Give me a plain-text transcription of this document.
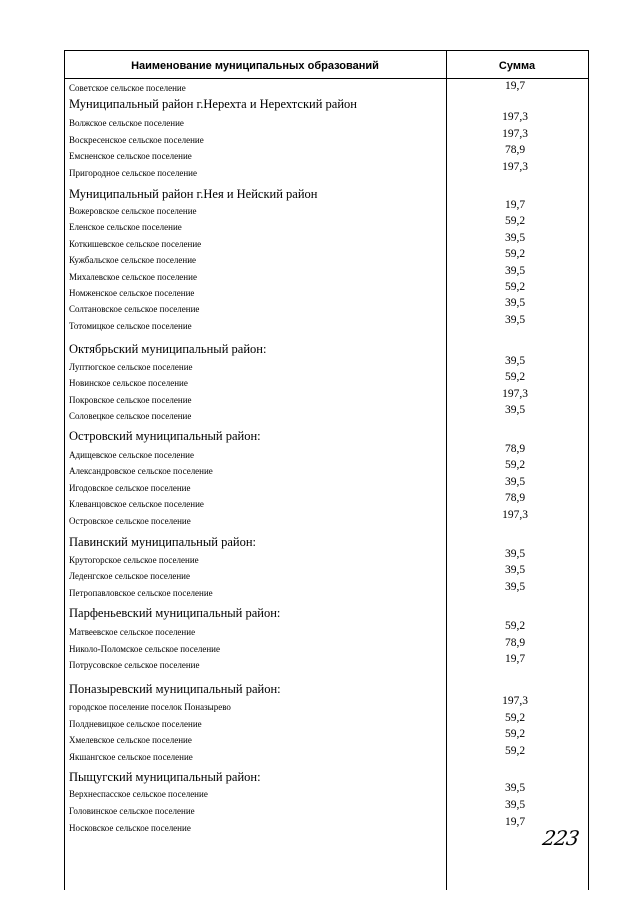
Наименование муниципальных образований	Сумма
Советское сельское поселение	19,7
Муниципальный район г.Нерехта и Нерехтский район
Волжское сельское поселение	197,3
Воскресенское сельское поселение	197,3
Емсненское сельское поселение	78,9
Пригородное сельское поселение	197,3
Муниципальный район г.Нея и Нейский район
Вожеровское сельское поселение	19,7
Еленское сельское поселение	59,2
Коткишевское сельское поселение	39,5
Кужбальское сельское поселение	59,2
Михалевское сельское поселение	39,5
Номженское сельское поселение	59,2
Солтановское сельское поселение	39,5
Тотомицкое сельское поселение	39,5
Октябрьский муниципальный район:
Луптюгское сельское поселение	39,5
Новинское сельское поселение	59,2
Покровское сельское поселение	197,3
Соловецкое сельское поселение	39,5
Островский муниципальный район:
Адищевское сельское поселение	78,9
Александровское сельское поселение	59,2
Игодовское сельское поселение	39,5
Клеванцовское сельское поселение	78,9
Островское сельское поселение	197,3
Павинский муниципальный район:
Крутогорское сельское поселение	39,5
Леденгское сельское поселение	39,5
Петропавловское сельское поселение	39,5
Парфеньевский муниципальный район:
Матвеевское сельское поселение	59,2
Николо-Поломское сельское поселение	78,9
Потрусовское сельское поселение	19,7
Поназыревский муниципальный район:
городское поселение поселок Поназырево	197,3
Полдневицкое сельское поселение	59,2
Хмелевское сельское поселение	59,2
Якшангское сельское поселение	59,2
Пыщугский муниципальный район:
Верхнеспасское сельское поселение	39,5
Головинское сельское поселение	39,5
Носковское сельское поселение	19,7
223
